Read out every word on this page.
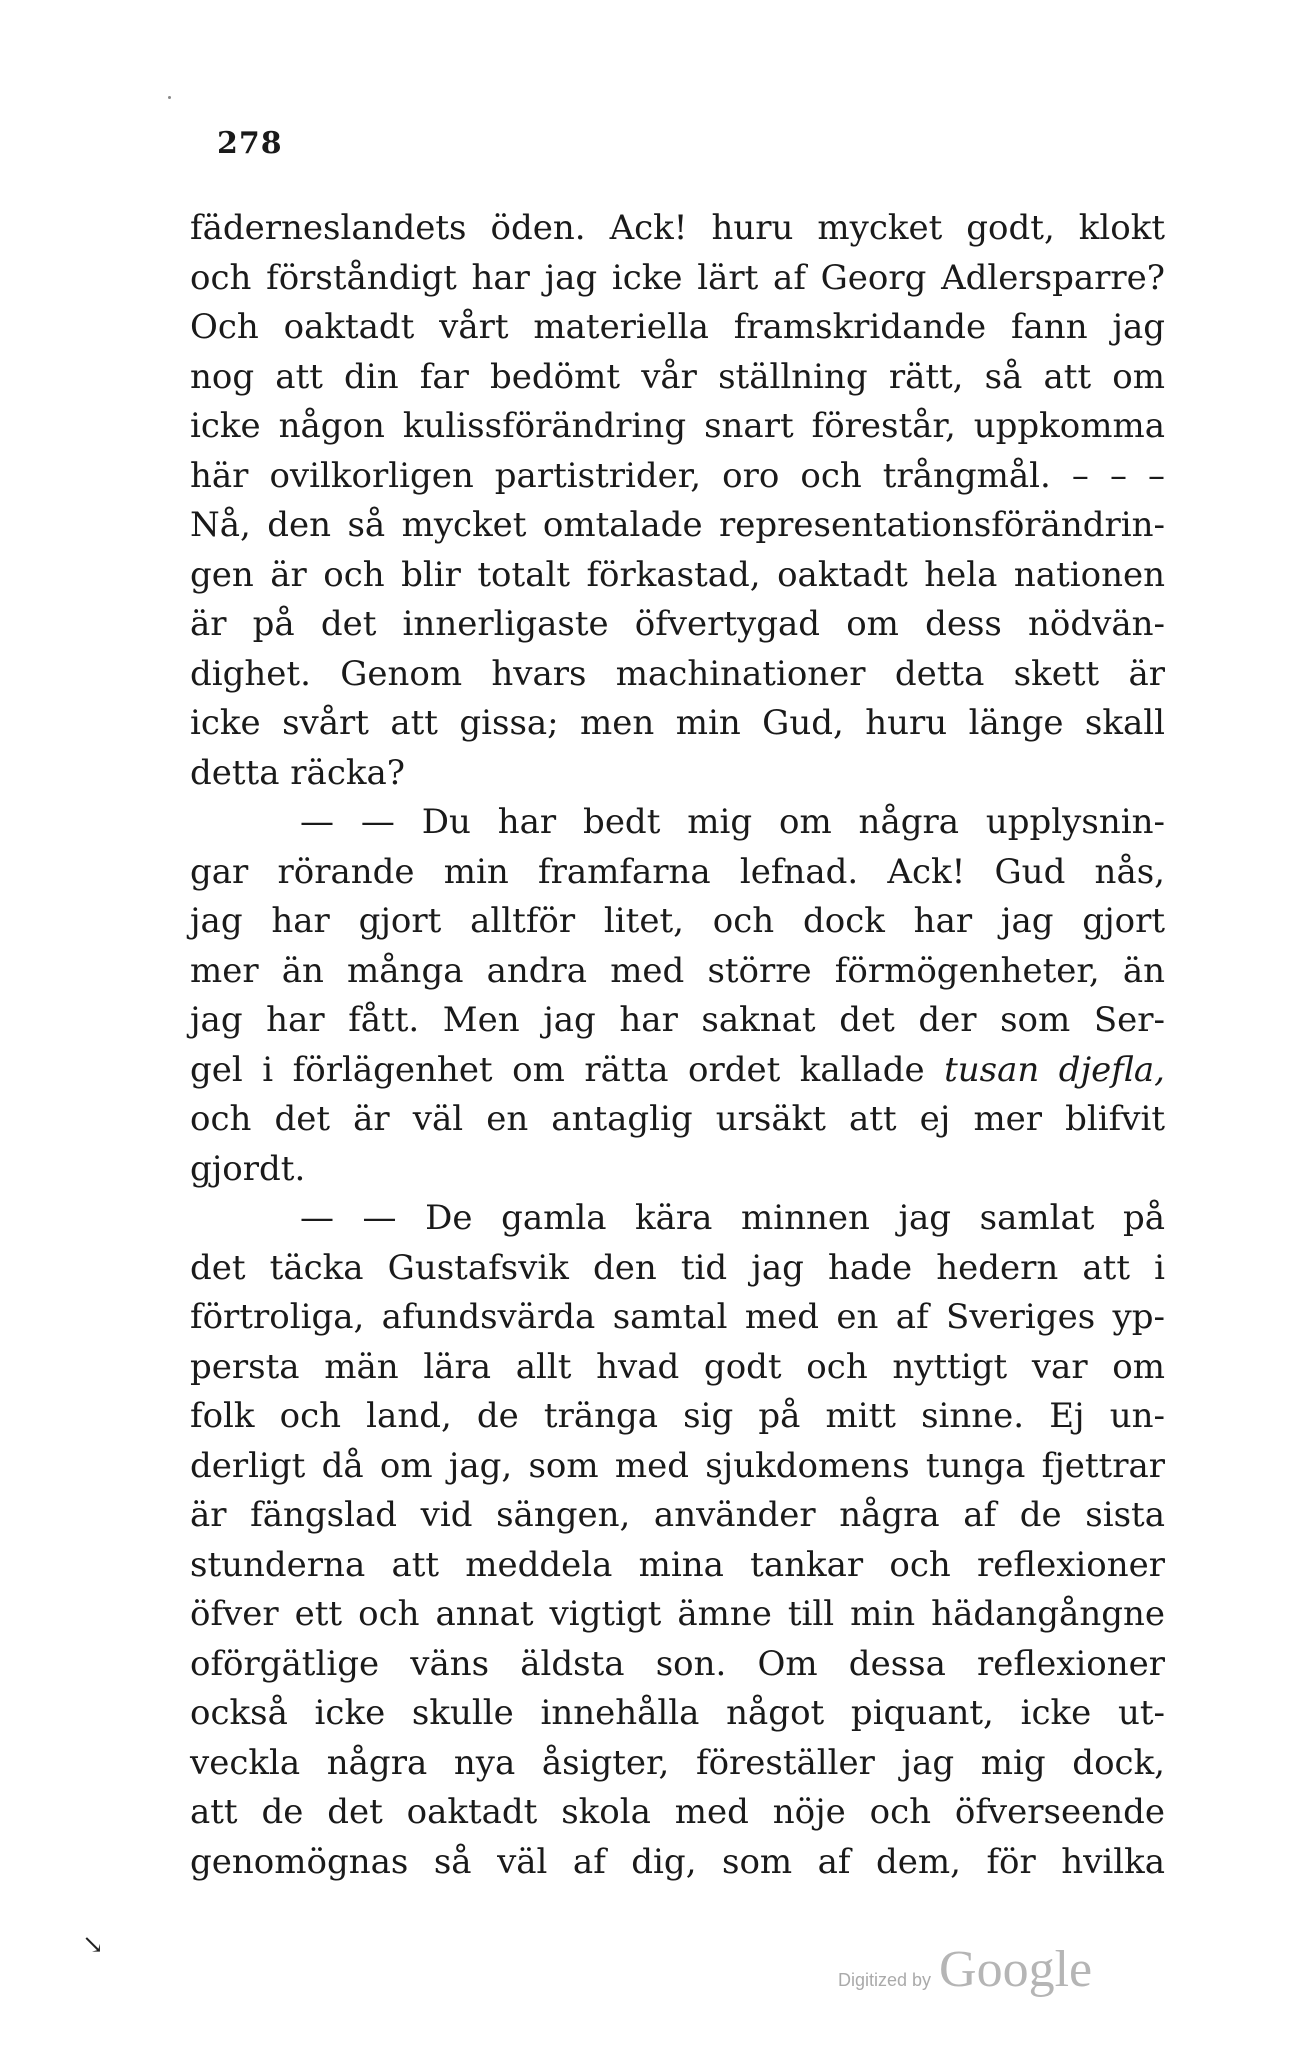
278
fäderneslandets öden. Ack! huru mycket godt, klokt
och förståndigt har jag icke lärt af Georg Adlersparre?
Och oaktadt vårt materiella framskridande fann jag
nog att din far bedömt vår ställning rätt, så att om
icke någon kulissförändring snart förestår, uppkomma
här ovilkorligen partistrider, oro och trångmål. – – –
Nå, den så mycket omtalade representationsförändrin-
gen är och blir totalt förkastad, oaktadt hela nationen
är på det innerligaste öfvertygad om dess nödvän-
dighet. Genom hvars machinationer detta skett är
icke svårt att gissa; men min Gud, huru länge skall
detta räcka?
— — Du har bedt mig om några upplysnin-
gar rörande min framfarna lefnad. Ack! Gud nås,
jag har gjort alltför litet, och dock har jag gjort
mer än många andra med större förmögenheter, än
jag har fått. Men jag har saknat det der som Ser-
gel i förlägenhet om rätta ordet kallade tusan djefla,
och det är väl en antaglig ursäkt att ej mer blifvit
gjordt.
— — De gamla kära minnen jag samlat på
det täcka Gustafsvik den tid jag hade hedern att i
förtroliga, afundsvärda samtal med en af Sveriges yp-
persta män lära allt hvad godt och nyttigt var om
folk och land, de tränga sig på mitt sinne. Ej un-
derligt då om jag, som med sjukdomens tunga fjettrar
är fängslad vid sängen, använder några af de sista
stunderna att meddela mina tankar och reflexioner
öfver ett och annat vigtigt ämne till min hädangångne
oförgätlige väns äldsta son. Om dessa reflexioner
också icke skulle innehålla något piquant, icke ut-
veckla några nya åsigter, föreställer jag mig dock,
att de det oaktadt skola med nöje och öfverseende
genomögnas så väl af dig, som af dem, för hvilka
↘
Digitized by Google
